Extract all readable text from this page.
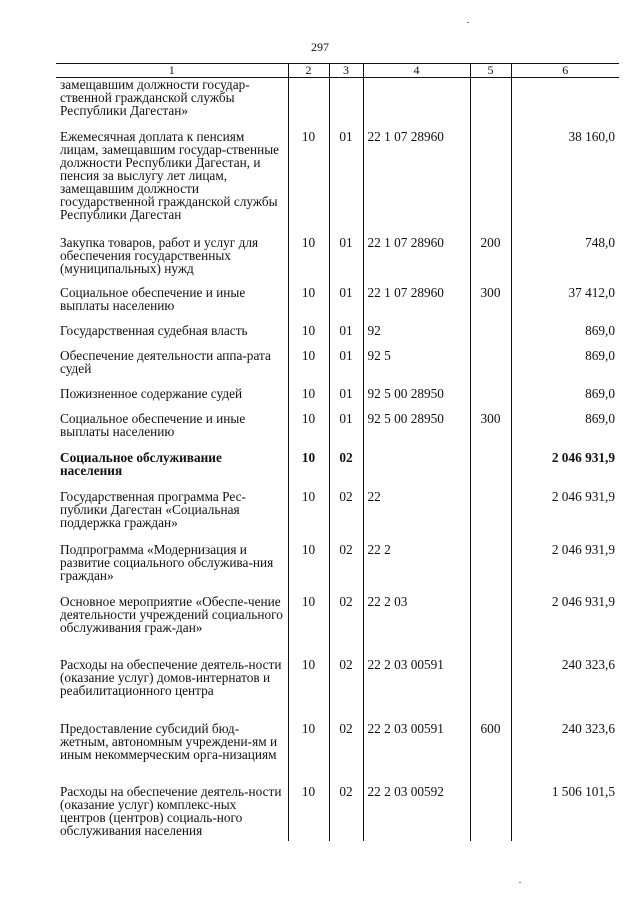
297
1	2	3	4	5	6
замещавшим должности государ-ственной гражданской службы Республики Дагестан»					
Ежемесячная доплата к пенсиям лицам, замещавшим государ-ственные должности Республики Дагестан, и пенсия за выслугу лет лицам, замещавшим должности государственной гражданской службы Республики Дагестан	10	01	22 1 07 28960		38 160,0
Закупка товаров, работ и услуг для обеспечения государственных (муниципальных) нужд	10	01	22 1 07 28960	200	748,0
Социальное обеспечение и иные выплаты населению	10	01	22 1 07 28960	300	37 412,0
Государственная судебная власть	10	01	92		869,0
Обеспечение деятельности аппа-рата судей	10	01	92 5		869,0
Пожизненное содержание судей	10	01	92 5 00 28950		869,0
Социальное обеспечение и иные выплаты населению	10	01	92 5 00 28950	300	869,0
Социальное обслуживание населения	10	02			2 046 931,9
Государственная программа Рес-публики Дагестан «Социальная поддержка граждан»	10	02	22		2 046 931,9
Подпрограмма «Модернизация и развитие социального обслужива-ния граждан»	10	02	22 2		2 046 931,9
Основное мероприятие «Обеспе-чение деятельности учреждений социального обслуживания граж-дан»	10	02	22 2 03		2 046 931,9
Расходы на обеспечение деятель-ности (оказание услуг) домов-интернатов и реабилитационного центра	10	02	22 2 03 00591		240 323,6
Предоставление субсидий бюд-жетным, автономным учреждени-ям и иным некоммерческим орга-низациям	10	02	22 2 03 00591	600	240 323,6
Расходы на обеспечение деятель-ности (оказание услуг) комплекс-ных центров (центров) социаль-ного обслуживания населения	10	02	22 2 03 00592		1 506 101,5
